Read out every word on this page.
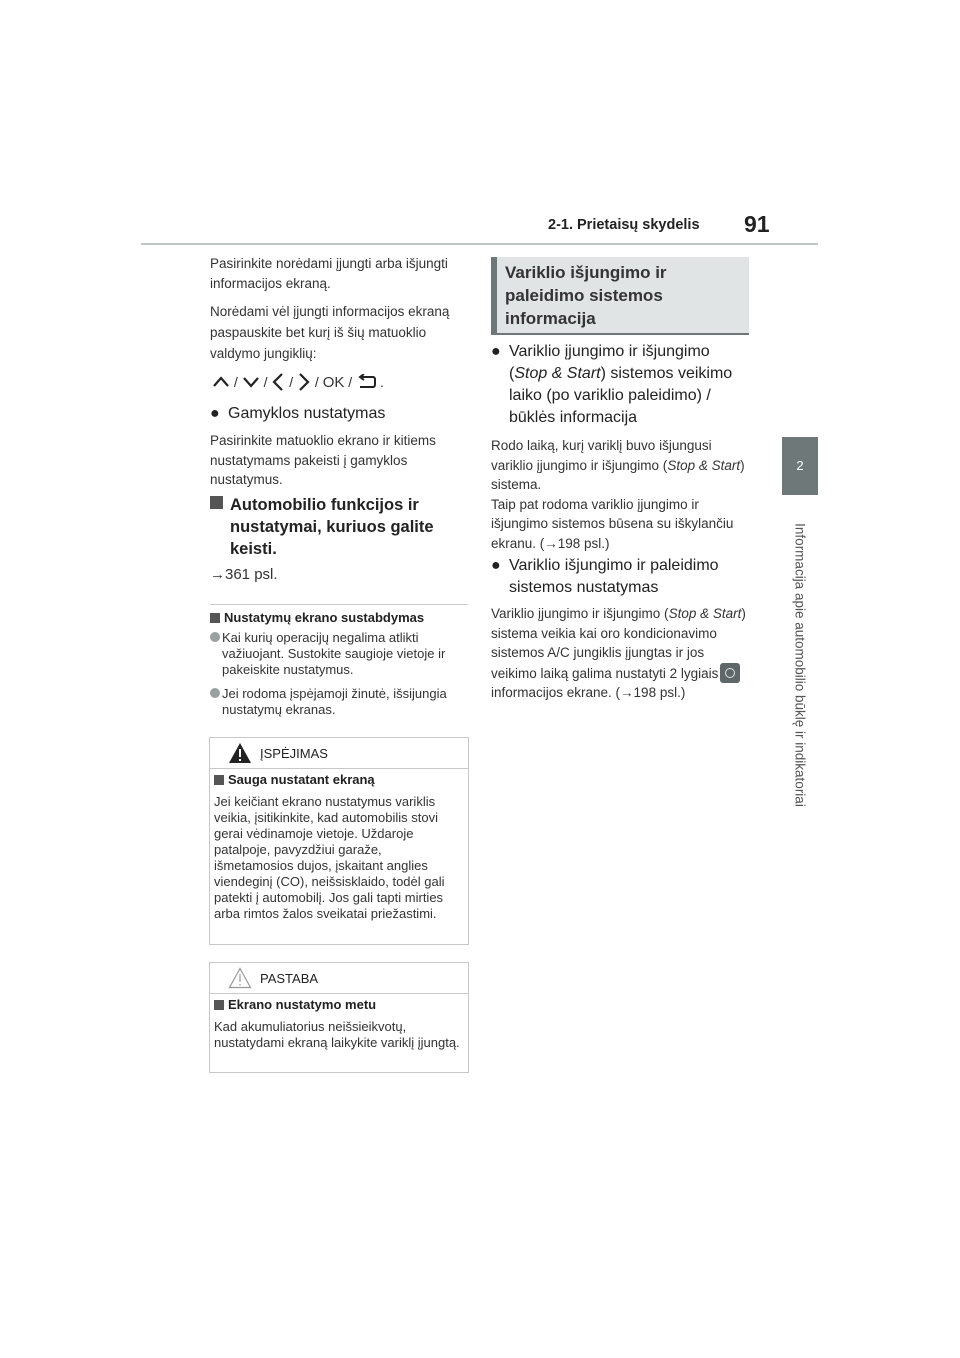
2-1. Prietaisų skydelis 91
2
Informacija apie automobilio būklę ir indikatoriai

Pasirinkite norėdami įjungti arba išjungti informacijos ekraną.

Norėdami vėl įjungti informacijos ekraną paspauskite bet kurį iš šių matuoklio valdymo jungiklių:

/ / / / OK / .
● Gamyklos nustatymas

Pasirinkite matuoklio ekrano ir kitiems nustatymams pakeisti į gamyklos nustatymus.

Automobilio funkcijos ir nustatymai, kuriuos galite keisti.
→361 psl.
Nustatymų ekrano sustabdymas
Kai kurių operacijų negalima atlikti važiuojant. Sustokite saugioje vietoje ir pakeiskite nustatymus.
Jei rodoma įspėjamoji žinutė, išsijungia nustatymų ekranas.
ĮSPĖJIMAS
Sauga nustatant ekraną
Jei keičiant ekrano nustatymus variklis veikia, įsitikinkite, kad automobilis stovi gerai vėdinamoje vietoje. Uždaroje patalpoje, pavyzdžiui garaže, išmetamosios dujos, įskaitant anglies viendeginį (CO), neišsisklaido, todėl gali patekti į automobilį. Jos gali tapti mirties arba rimtos žalos sveikatai priežastimi.
PASTABA
Ekrano nustatymo metu
Kad akumuliatorius neišsieikvotų, nustatydami ekraną laikykite variklį įjungtą.
Variklio išjungimo ir paleidimo sistemos informacija
● Variklio įjungimo ir išjungimo (Stop & Start) sistemos veikimo laiko (po variklio paleidimo) / būklės informacija

Rodo laiką, kurį variklį buvo išjungusi variklio įjungimo ir išjungimo (Stop & Start) sistema.
Taip pat rodoma variklio įjungimo ir išjungimo sistemos būsena su iškylančiu ekranu. (→198 psl.)

● Variklio išjungimo ir paleidimo sistemos nustatymas

Variklio įjungimo ir išjungimo (Stop & Start) sistema veikia kai oro kondicionavimo sistemos A/C jungiklis įjungtas ir jos veikimo laiką galima nustatyti 2 lygiais informacijos ekrane. (→198 psl.)
